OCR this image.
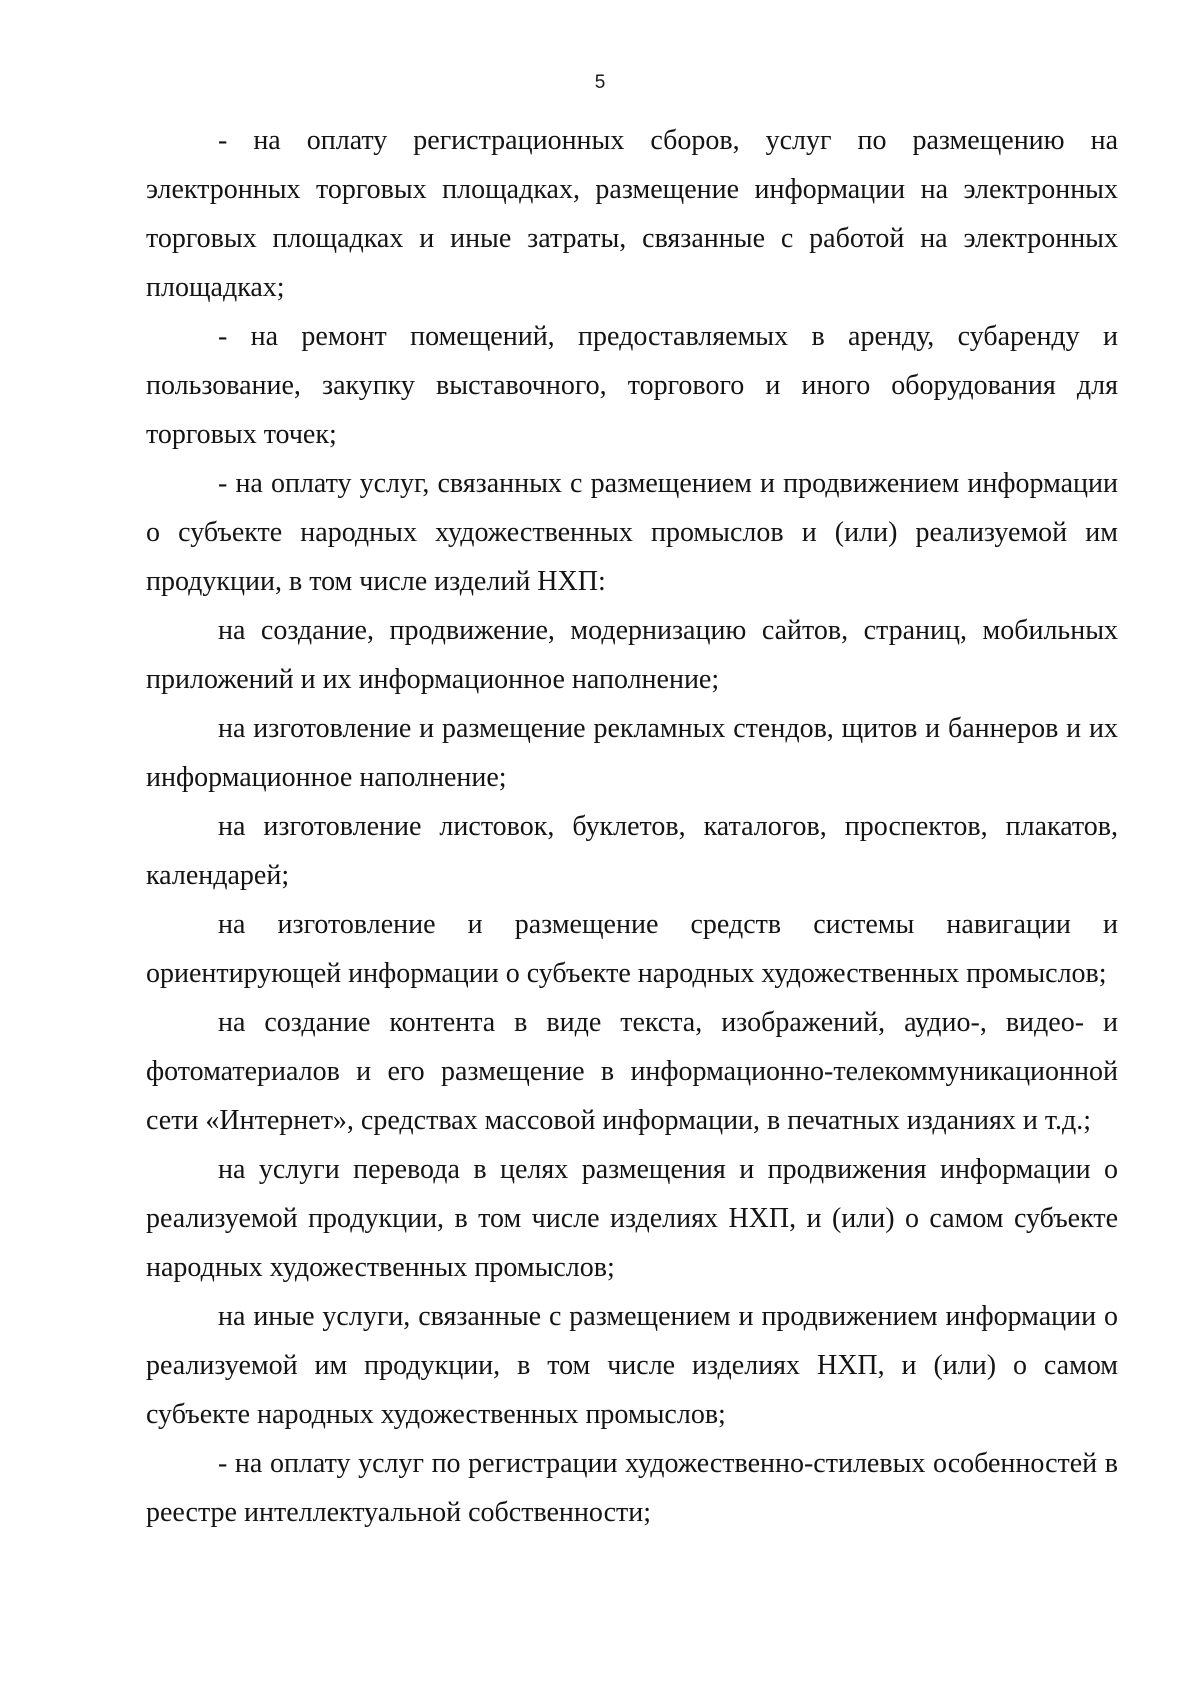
5

- на оплату регистрационных сборов, услуг по размещению на электронных торговых площадках, размещение информации на электронных торговых площадках и иные затраты, связанные с работой на электронных площадках;

- на ремонт помещений, предоставляемых в аренду, субаренду и пользование, закупку выставочного, торгового и иного оборудования для торговых точек;

- на оплату услуг, связанных с размещением и продвижением информации о субъекте народных художественных промыслов и (или) реализуемой им продукции, в том числе изделий НХП:

на создание, продвижение, модернизацию сайтов, страниц, мобильных приложений и их информационное наполнение;

на изготовление и размещение рекламных стендов, щитов и баннеров и их информационное наполнение;

на изготовление листовок, буклетов, каталогов, проспектов, плакатов, календарей;

на изготовление и размещение средств системы навигации и ориентирующей информации о субъекте народных художественных промыслов;

на создание контента в виде текста, изображений, аудио-, видео- и фотоматериалов и его размещение в информационно-телекоммуникационной сети «Интернет», средствах массовой информации, в печатных изданиях и т.д.;

на услуги перевода в целях размещения и продвижения информации о реализуемой продукции, в том числе изделиях НХП, и (или) о самом субъекте народных художественных промыслов;

на иные услуги, связанные с размещением и продвижением информации о реализуемой им продукции, в том числе изделиях НХП, и (или) о самом субъекте народных художественных промыслов;

- на оплату услуг по регистрации художественно-стилевых особенностей в реестре интеллектуальной собственности;
